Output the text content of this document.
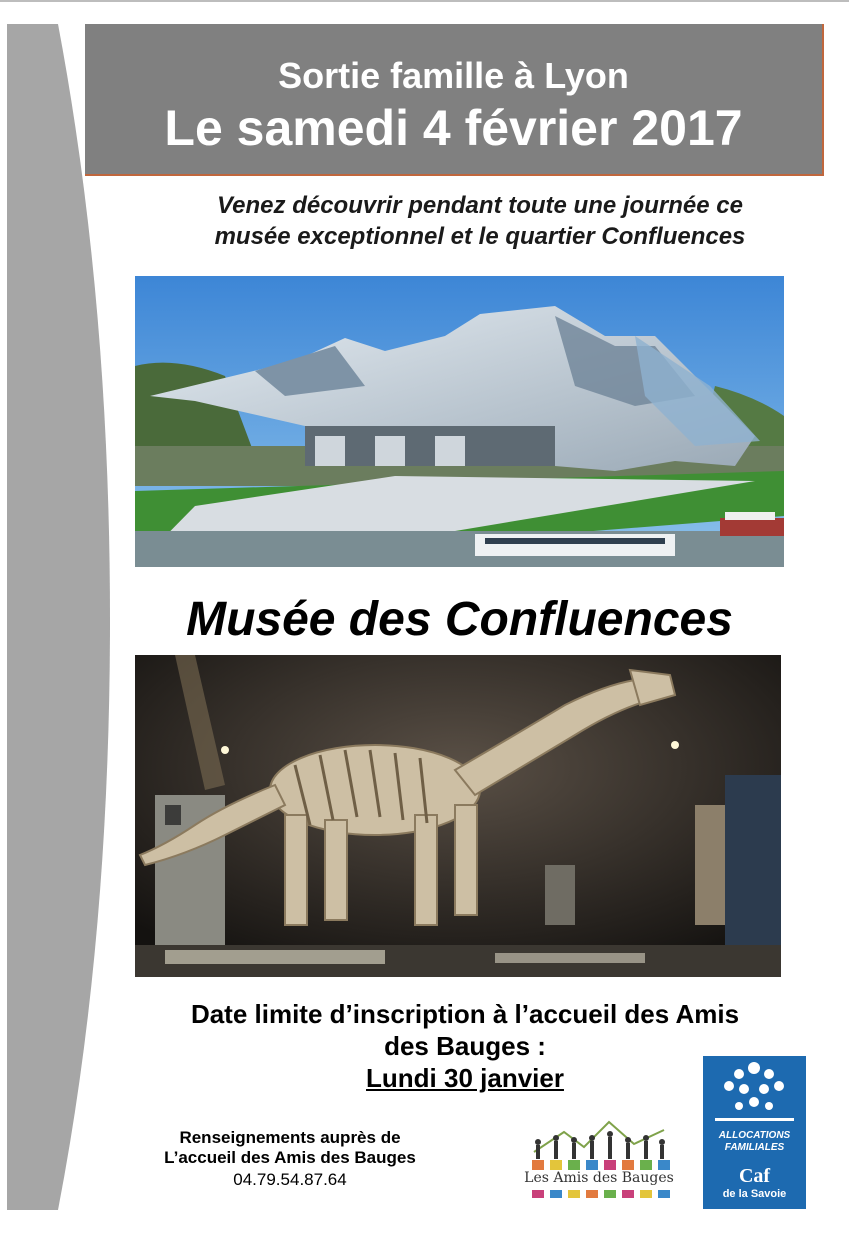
Sortie famille à Lyon
Le samedi 4 février 2017
Venez découvrir pendant toute une journée ce
musée exceptionnel et le quartier Confluences
Musée des Confluences
Date limite d’inscription à l’accueil des Amis
des Bauges :
Lundi 30 janvier
Renseignements auprès de
L’accueil des Amis des Bauges
04.79.54.87.64	Les Amis des Bauges
ALLOCATIONS
FAMILIALES
Caf
de la Savoie
